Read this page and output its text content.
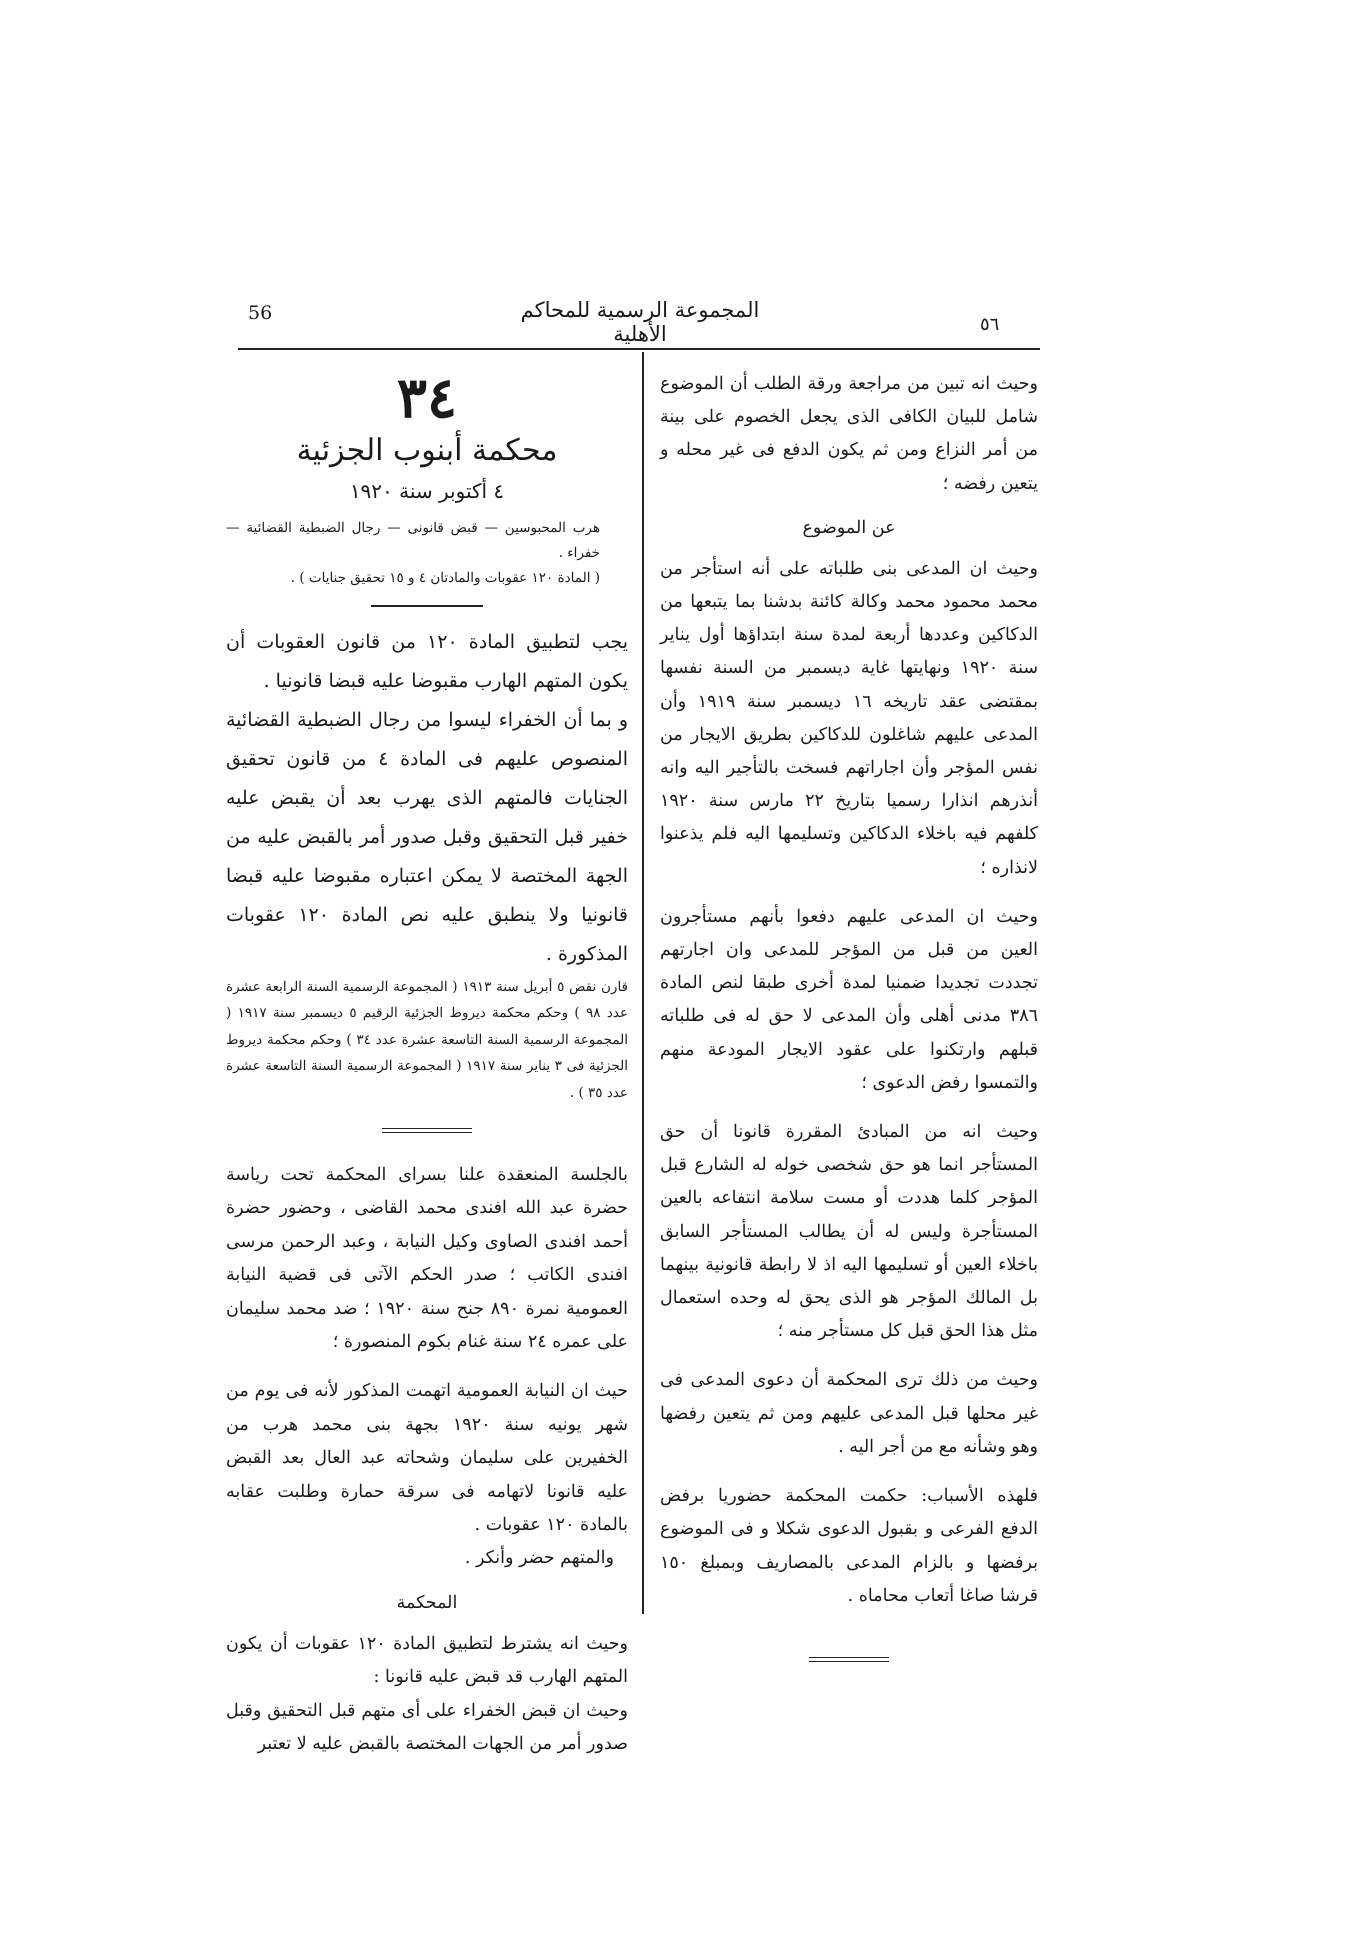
56	المجموعة الرسمية للمحاكم الأهلية	٥٦

وحيث انه تبين من مراجعة ورقة الطلب أن الموضوع شامل للبيان الكافى الذى يجعل الخصوم على بينة من أمر النزاع ومن ثم يكون الدفع فى غير محله و يتعين رفضه ؛

عن الموضوع

وحيث ان المدعى بنى طلباته على أنه استأجر من محمد محمود محمد وكالة كائنة بدشنا بما يتبعها من الدكاكين وعددها أربعة لمدة سنة ابتداؤها أول يناير سنة ١٩٢٠ ونهايتها غاية ديسمبر من السنة نفسها بمقتضى عقد تاريخه ١٦ ديسمبر سنة ١٩١٩ وأن المدعى عليهم شاغلون للدكاكين بطريق الايجار من نفس المؤجر وأن اجاراتهم فسخت بالتأجير اليه وانه أنذرهم انذارا رسميا بتاريخ ٢٢ مارس سنة ١٩٢٠ كلفهم فيه باخلاء الدكاكين وتسليمها اليه فلم يذعنوا لانذاره ؛

وحيث ان المدعى عليهم دفعوا بأنهم مستأجرون العين من قبل من المؤجر للمدعى وان اجارتهم تجددت تجديدا ضمنيا لمدة أخرى طبقا لنص المادة ٣٨٦ مدنى أهلى وأن المدعى لا حق له فى طلباته قبلهم وارتكنوا على عقود الايجار المودعة منهم والتمسوا رفض الدعوى ؛

وحيث انه من المبادئ المقررة قانونا أن حق المستأجر انما هو حق شخصى خوله له الشارع قبل المؤجر كلما هددت أو مست سلامة انتفاعه بالعين المستأجرة وليس له أن يطالب المستأجر السابق باخلاء العين أو تسليمها اليه اذ لا رابطة قانونية بينهما بل المالك المؤجر هو الذى يحق له وحده استعمال مثل هذا الحق قبل كل مستأجر منه ؛

وحيث من ذلك ترى المحكمة أن دعوى المدعى فى غير محلها قبل المدعى عليهم ومن ثم يتعين رفضها وهو وشأنه مع من أجر اليه .

فلهذه الأسباب: حكمت المحكمة حضوريا برفض الدفع الفرعى و بقبول الدعوى شكلا و فى الموضوع برفضها و بالزام المدعى بالمصاريف وبمبلغ ١٥٠ قرشا صاغا أتعاب محاماه .

٣٤
محكمة أبنوب الجزئية
٤ أكتوبر سنة ١٩٢٠
هرب المحبوسين — قبض قانونى — رجال الضبطية القضائية — خفراء .
( المادة ١٢٠ عقوبات والمادتان ٤ و ١٥ تحقيق جنايات ) .

يجب لتطبيق المادة ١٢٠ من قانون العقوبات أن يكون المتهم الهارب مقبوضا عليه قبضا قانونيا .

و بما أن الخفراء ليسوا من رجال الضبطية القضائية المنصوص عليهم فى المادة ٤ من قانون تحقيق الجنايات فالمتهم الذى يهرب بعد أن يقبض عليه خفير قبل التحقيق وقبل صدور أمر بالقبض عليه من الجهة المختصة لا يمكن اعتباره مقبوضا عليه قبضا قانونيا ولا ينطبق عليه نص المادة ١٢٠ عقوبات المذكورة .

قارن نقض ٥ أبريل سنة ١٩١٣ ( المجموعة الرسمية السنة الرابعة عشرة عدد ٩٨ ) وحكم محكمة ديروط الجزئية الرقيم ٥ ديسمبر سنة ١٩١٧ ( المجموعة الرسمية السنة التاسعة عشرة عدد ٣٤ ) وحكم محكمة ديروط الجزئية فى ٣ يناير سنة ١٩١٧ ( المجموعة الرسمية السنة التاسعة عشرة عدد ٣٥ ) .

بالجلسة المنعقدة علنا بسراى المحكمة تحت رياسة حضرة عبد الله افندى محمد القاضى ، وحضور حضرة أحمد افندى الصاوى وكيل النيابة ، وعبد الرحمن مرسى افندى الكاتب ؛ صدر الحكم الآتى فى قضية النيابة العمومية نمرة ٨٩٠ جنح سنة ١٩٢٠ ؛ ضد محمد سليمان على عمره ٢٤ سنة غنام بكوم المنصورة ؛

حيث ان النيابة العمومية اتهمت المذكور لأنه فى يوم من شهر يونيه سنة ١٩٢٠ بجهة بنى محمد هرب من الخفيرين على سليمان وشحاته عبد العال بعد القبض عليه قانونا لاتهامه فى سرقة حمارة وطلبت عقابه بالمادة ١٢٠ عقوبات .

والمتهم حضر وأنكر .

المحكمة

وحيث انه يشترط لتطبيق المادة ١٢٠ عقوبات أن يكون المتهم الهارب قد قبض عليه قانونا :

وحيث ان قبض الخفراء على أى متهم قبل التحقيق وقبل صدور أمر من الجهات المختصة بالقبض عليه لا تعتبر
